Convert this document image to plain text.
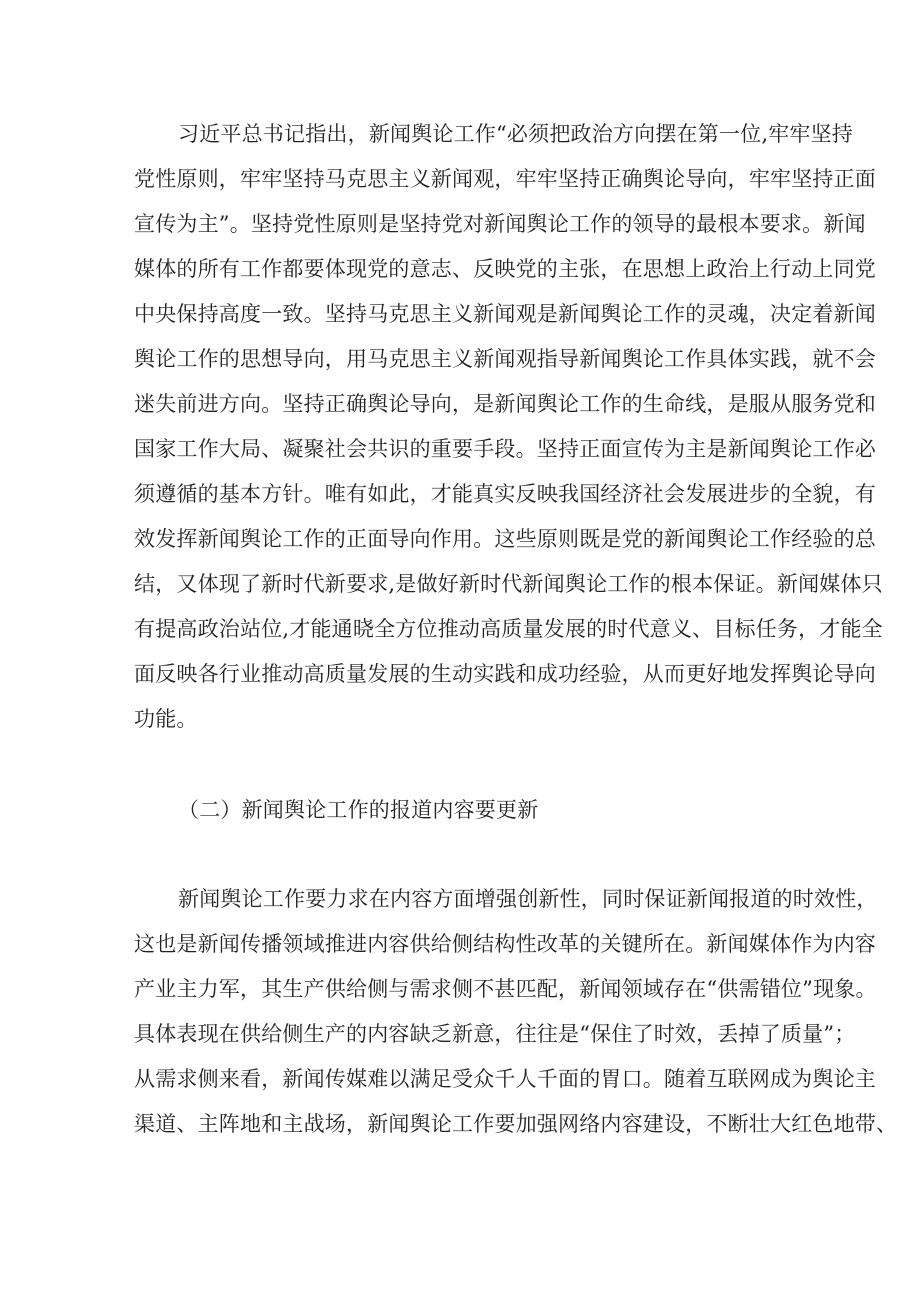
习近平总书记指出，新闻舆论工作“必须把政治方向摆在第一位,牢牢坚持
党性原则，牢牢坚持马克思主义新闻观，牢牢坚持正确舆论导向，牢牢坚持正面
宣传为主”。坚持党性原则是坚持党对新闻舆论工作的领导的最根本要求。新闻
媒体的所有工作都要体现党的意志、反映党的主张，在思想上政治上行动上同党
中央保持高度一致。坚持马克思主义新闻观是新闻舆论工作的灵魂，决定着新闻
舆论工作的思想导向，用马克思主义新闻观指导新闻舆论工作具体实践，就不会
迷失前进方向。坚持正确舆论导向，是新闻舆论工作的生命线，是服从服务党和
国家工作大局、凝聚社会共识的重要手段。坚持正面宣传为主是新闻舆论工作必
须遵循的基本方针。唯有如此，才能真实反映我国经济社会发展进步的全貌，有
效发挥新闻舆论工作的正面导向作用。这些原则既是党的新闻舆论工作经验的总
结，又体现了新时代新要求,是做好新时代新闻舆论工作的根本保证。新闻媒体只
有提高政治站位,才能通晓全方位推动高质量发展的时代意义、目标任务，才能全
面反映各行业推动高质量发展的生动实践和成功经验，从而更好地发挥舆论导向
功能。
（二）新闻舆论工作的报道内容要更新
新闻舆论工作要力求在内容方面增强创新性，同时保证新闻报道的时效性，
这也是新闻传播领域推进内容供给侧结构性改革的关键所在。新闻媒体作为内容
产业主力军，其生产供给侧与需求侧不甚匹配，新闻领域存在“供需错位”现象。
具体表现在供给侧生产的内容缺乏新意，往往是“保住了时效，丢掉了质量”；
从需求侧来看，新闻传媒难以满足受众千人千面的胃口。随着互联网成为舆论主
渠道、主阵地和主战场，新闻舆论工作要加强网络内容建设，不断壮大红色地带、
